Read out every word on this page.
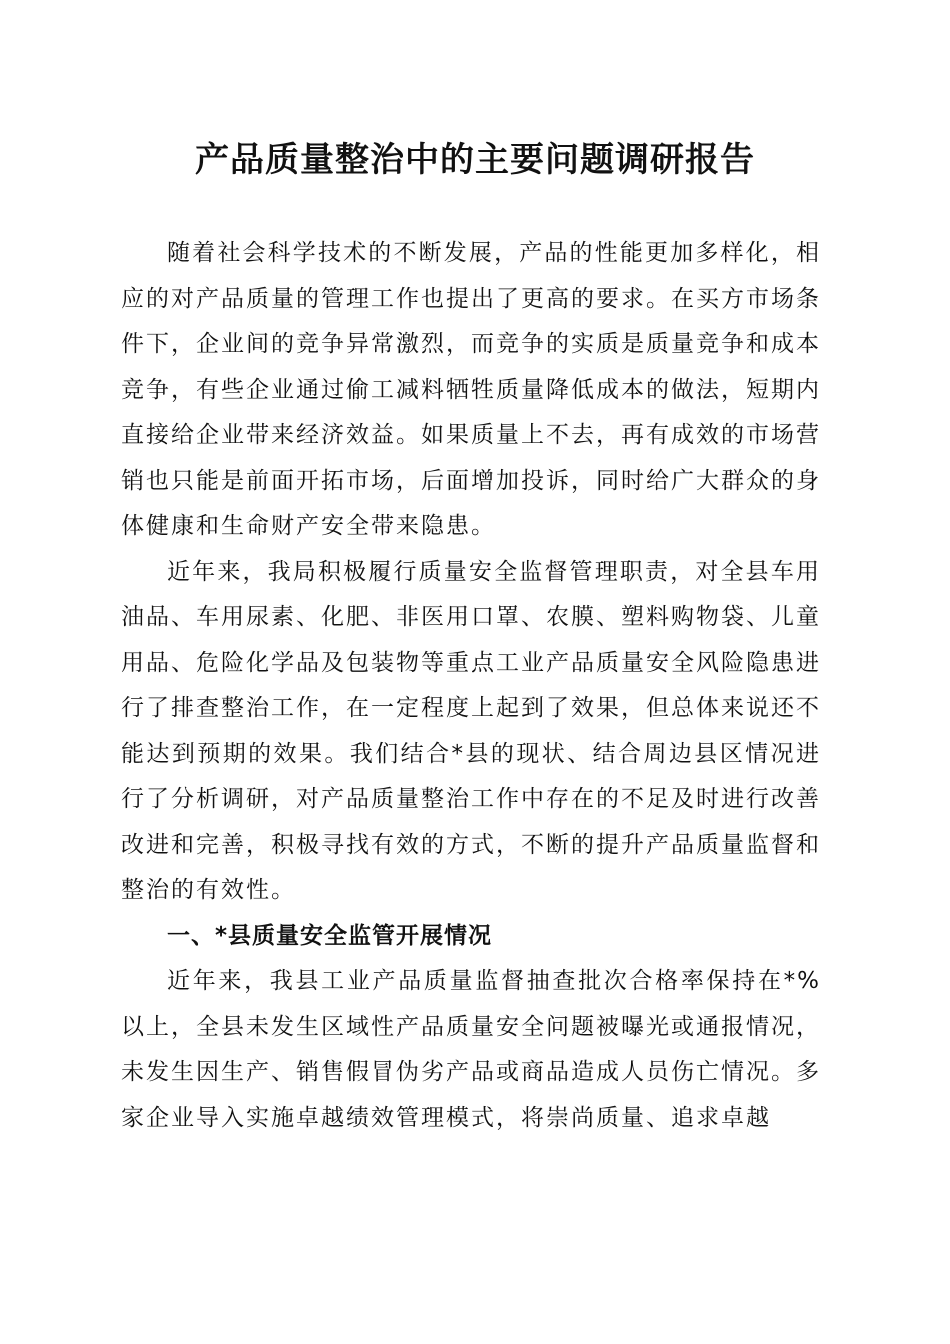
产品质量整治中的主要问题调研报告

随着社会科学技术的不断发展，产品的性能更加多样化，相应的对产品质量的管理工作也提出了更高的要求。在买方市场条件下，企业间的竞争异常激烈，而竞争的实质是质量竞争和成本竞争，有些企业通过偷工减料牺牲质量降低成本的做法，短期内直接给企业带来经济效益。如果质量上不去，再有成效的市场营销也只能是前面开拓市场，后面增加投诉，同时给广大群众的身体健康和生命财产安全带来隐患。

近年来，我局积极履行质量安全监督管理职责，对全县车用油品、车用尿素、化肥、非医用口罩、农膜、塑料购物袋、儿童用品、危险化学品及包装物等重点工业产品质量安全风险隐患进行了排查整治工作，在一定程度上起到了效果，但总体来说还不能达到预期的效果。我们结合*县的现状、结合周边县区情况进行了分析调研，对产品质量整治工作中存在的不足及时进行改善改进和完善，积极寻找有效的方式，不断的提升产品质量监督和整治的有效性。

一、*县质量安全监管开展情况

近年来，我县工业产品质量监督抽查批次合格率保持在*%以上，全县未发生区域性产品质量安全问题被曝光或通报情况，未发生因生产、销售假冒伪劣产品或商品造成人员伤亡情况。多家企业导入实施卓越绩效管理模式，将崇尚质量、追求卓越
